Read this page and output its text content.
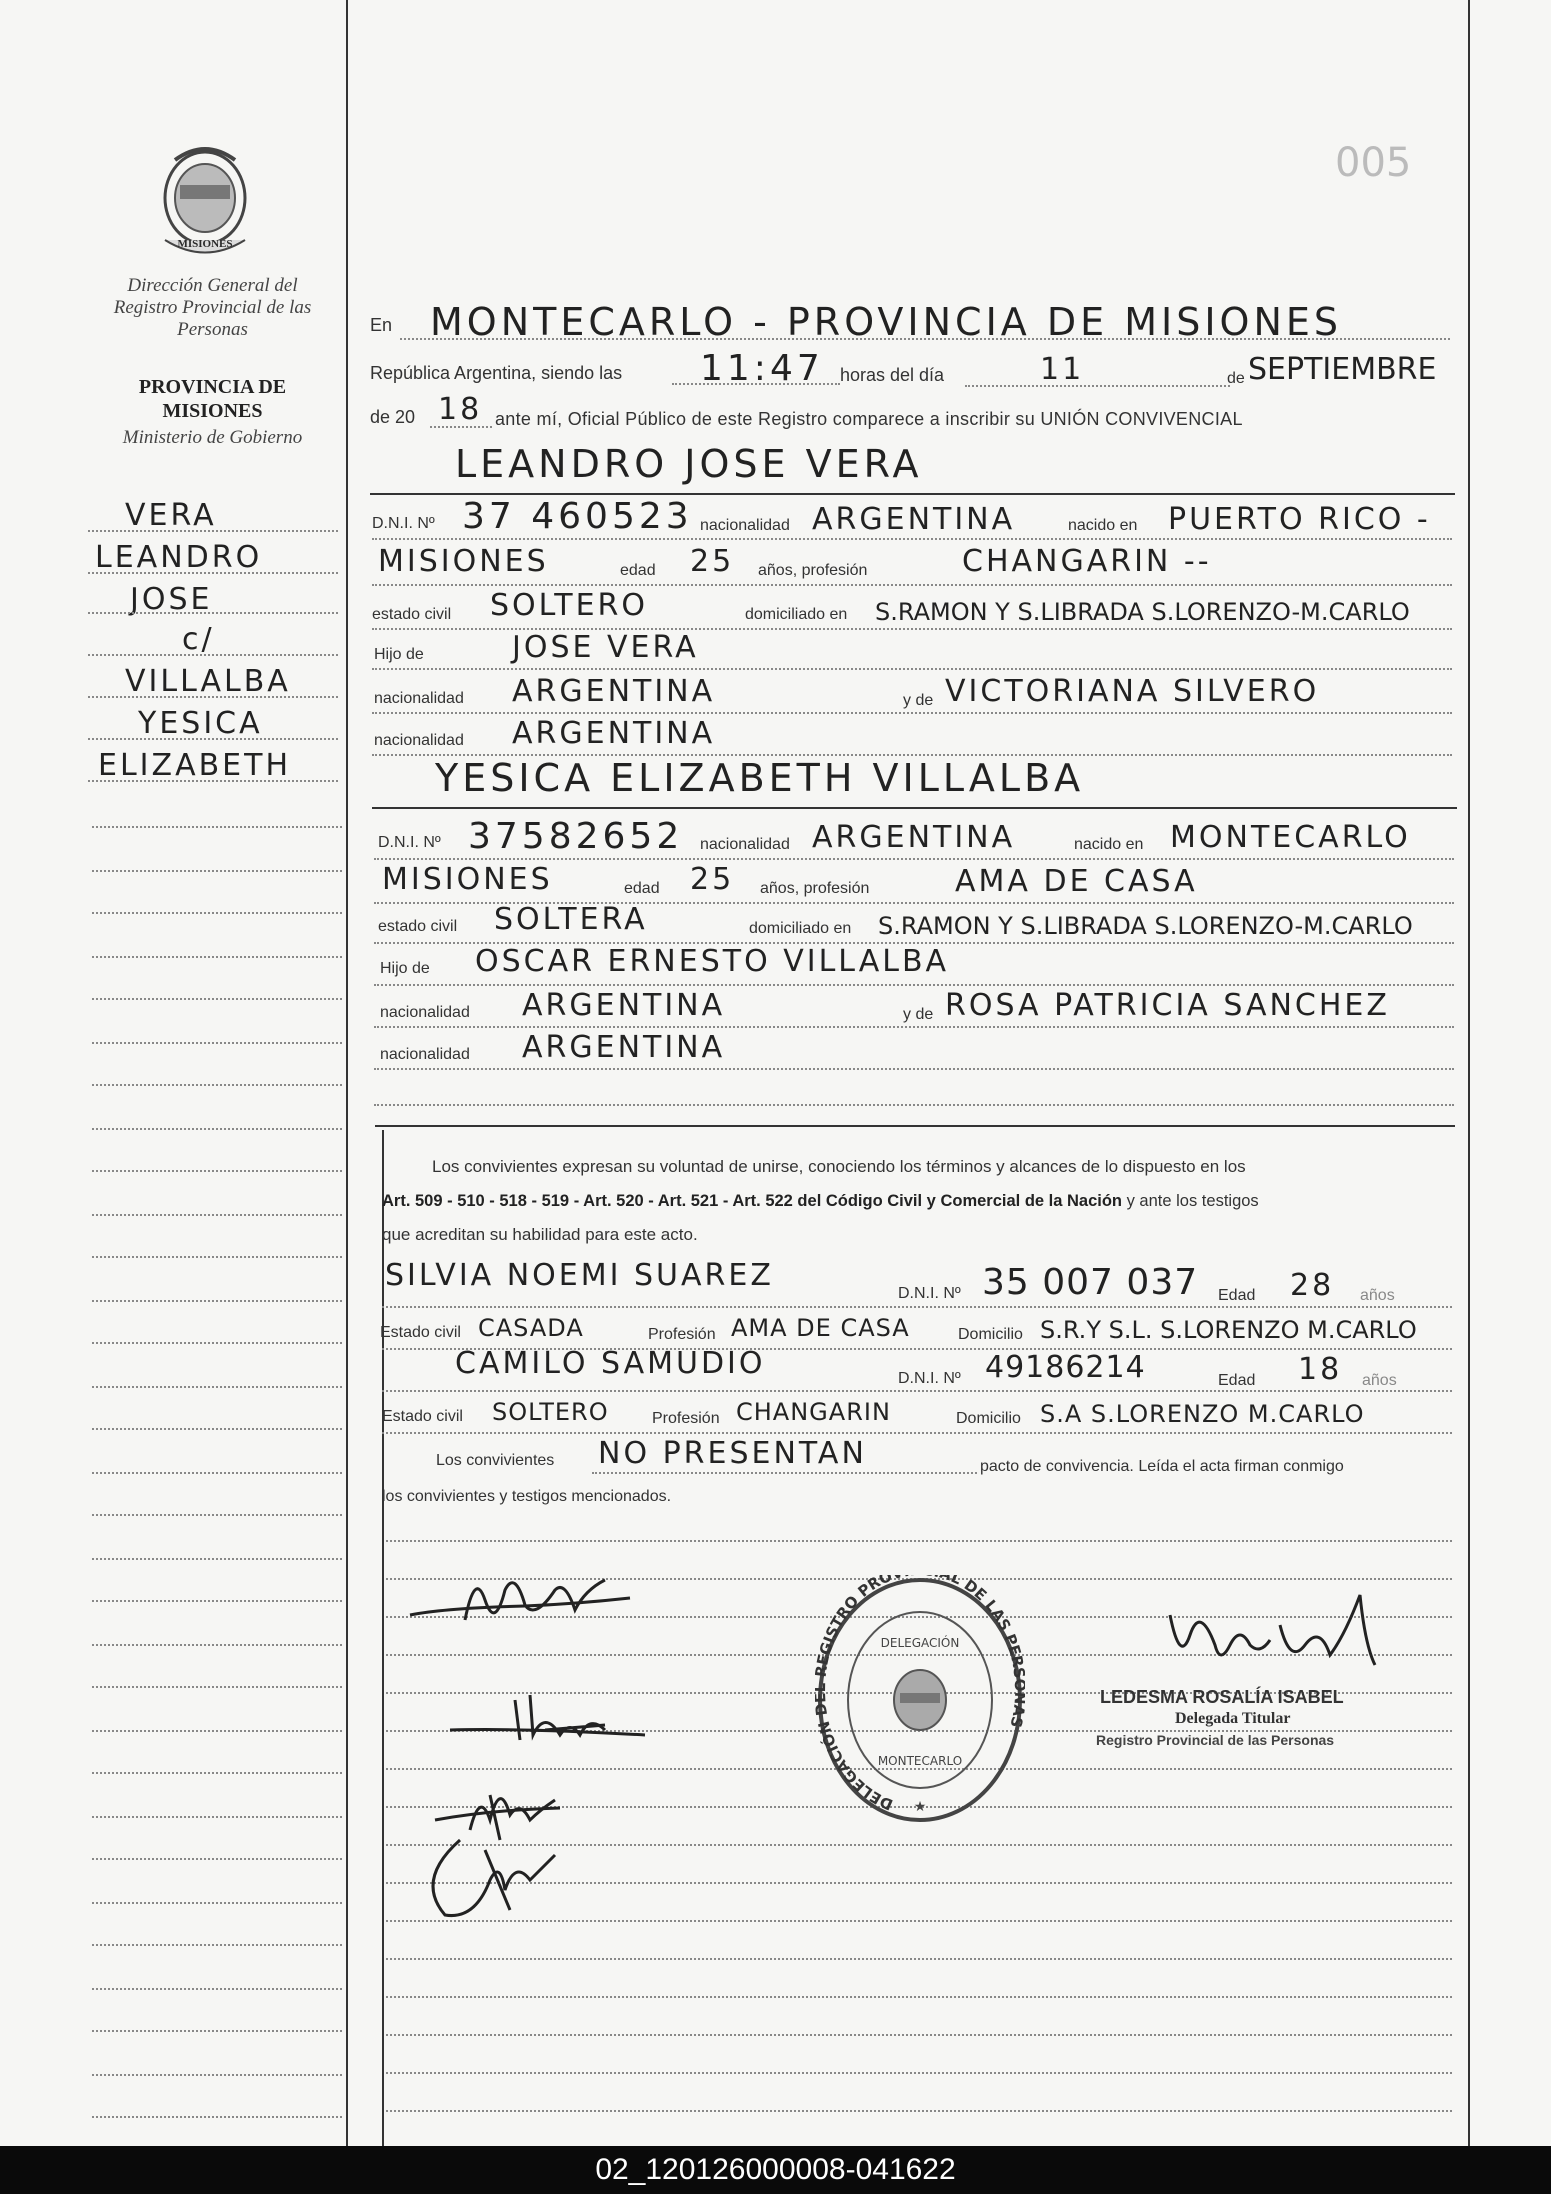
005
MISIONES
Dirección General del Registro Provincial de las Personas
PROVINCIA DE MISIONES
Ministerio de Gobierno
VERA
LEANDRO
JOSE
c/
VILLALBA
YESICA
ELIZABETH
En MONTECARLO - PROVINCIA DE MISIONES
República Argentina, siendo las 11:47 horas del día	11	de SEPTIEMBRE
de 20 18 ante mí, Oficial Público de este Registro comparece a inscribir su UNIÓN CONVIVENCIAL
LEANDRO JOSE VERA
D.N.I. Nº 37 460523 nacionalidad ARGENTINA	nacido en PUERTO RICO -
MISIONES	edad 25 años, profesión	CHANGARIN --
estado civil SOLTERO	domiciliado en S.RAMON Y S.LIBRADA S.LORENZO-M.CARLO
Hijo de	JOSE VERA
nacionalidad ARGENTINA	y de VICTORIANA SILVERO
nacionalidad ARGENTINA
YESICA ELIZABETH VILLALBA
D.N.I. Nº 37582652 nacionalidad ARGENTINA	nacido en MONTECARLO
MISIONES	edad 25 años, profesión	AMA DE CASA
estado civil SOLTERA	domiciliado en S.RAMON Y S.LIBRADA S.LORENZO-M.CARLO
Hijo de OSCAR ERNESTO VILLALBA
nacionalidad ARGENTINA	y de ROSA PATRICIA SANCHEZ
nacionalidad ARGENTINA
Los convivientes expresan su voluntad de unirse, conociendo los términos y alcances de lo dispuesto en los
Art. 509 - 510 - 518 - 519 - Art. 520 - Art. 521 - Art. 522 del Código Civil y Comercial de la Nación y ante los testigos
que acreditan su habilidad para este acto.
SILVIA NOEMI SUAREZ
D.N.I. Nº 35 007 037 Edad 28 años
Estado civil CASADA	Profesión AMA DE CASA	Domicilio S.R.Y S.L. S.LORENZO M.CARLO
CAMILO SAMUDIO	D.N.I. Nº 49186214	Edad 18 años
Estado civil SOLTERO	Profesión CHANGARIN	Domicilio S.A S.LORENZO M.CARLO
Los convivientes NO PRESENTAN	pacto de convivencia. Leída el acta firman conmigo
los convivientes y testigos mencionados.
DELEGACIÓN EGISTRO PRO L DE LAS PE S
DELEGACIÓN
MONTECARLO
★
LEDESMA ROSALÍA ISABEL
Delegada Titular
Registro Provincial de las Personas
02_120126000008-041622
